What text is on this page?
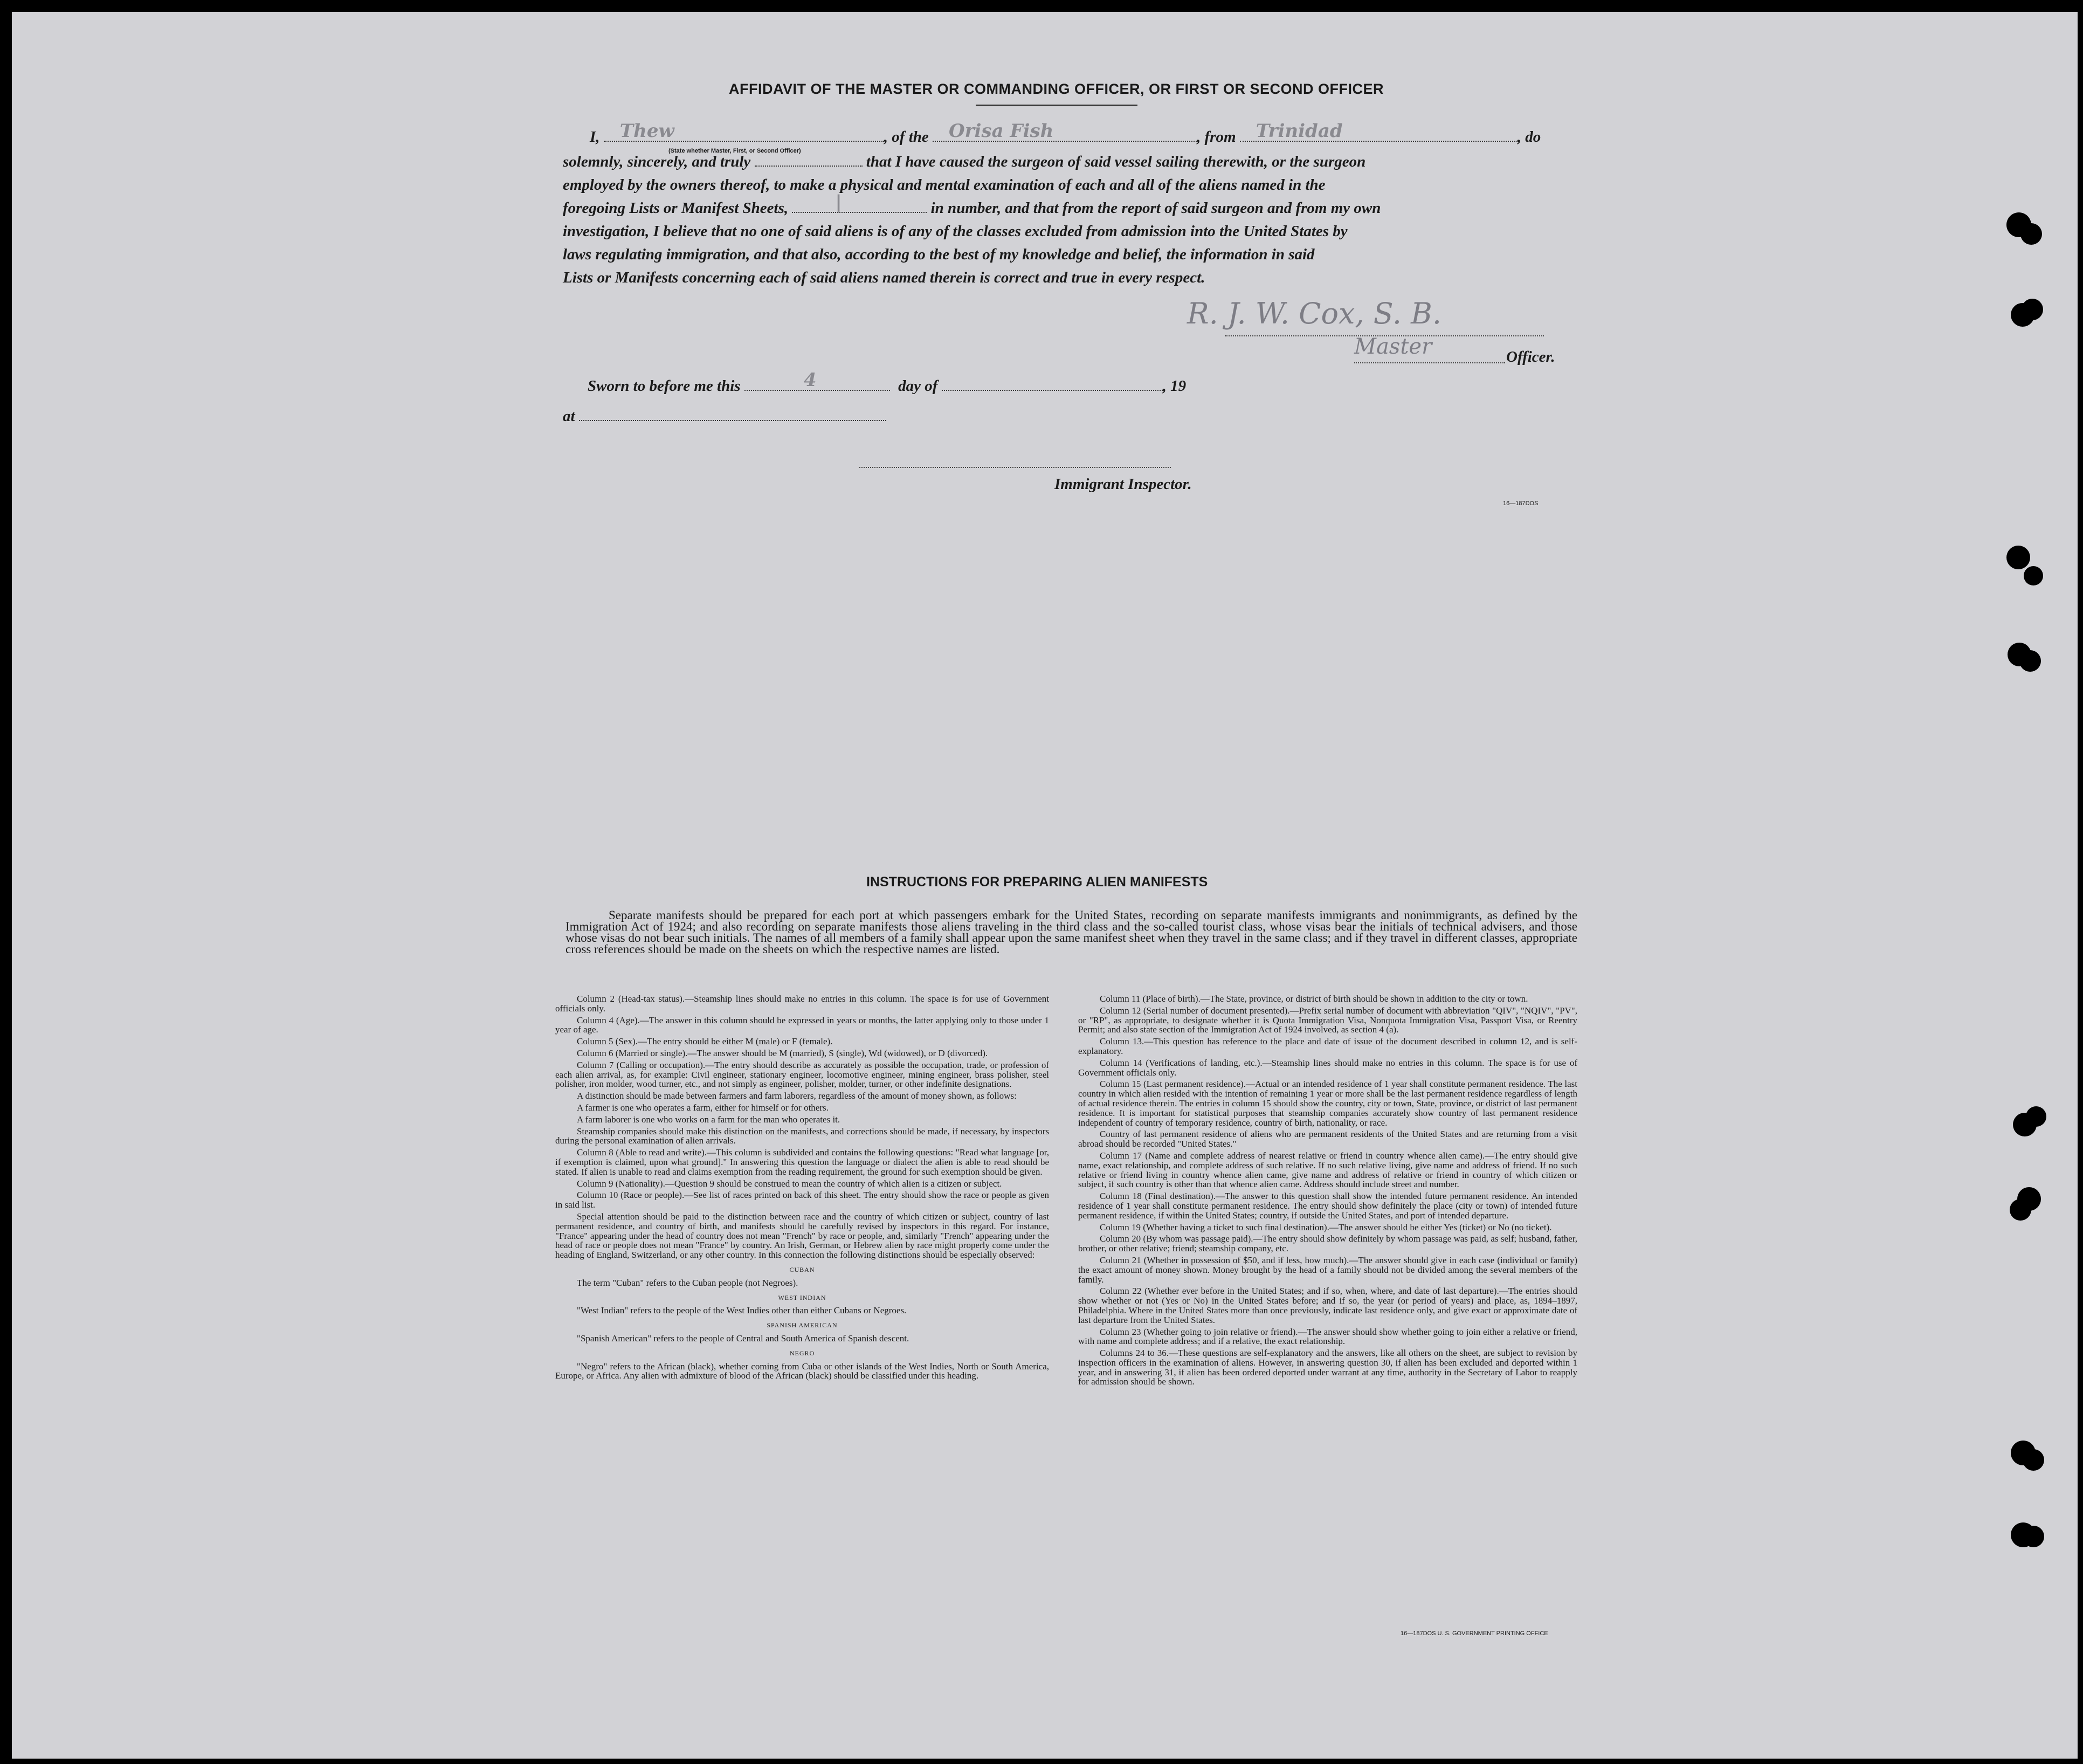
AFFIDAVIT OF THE MASTER OR COMMANDING OFFICER, OR FIRST OR SECOND OFFICER
I, Thew	, of the Orisa Fish	, from Trinidad	, do
(State whether Master, First, or Second Officer)
solemnly, sincerely, and truly	that I have caused the surgeon of said vessel sailing therewith, or the surgeon
employed by the owners thereof, to make a physical and mental examination of each and all of the aliens named in the
foregoing Lists or Manifest Sheets,	|	in number, and that from the report of said surgeon and from my own
investigation, I believe that no one of said aliens is of any of the classes excluded from admission into the United States by
laws regulating immigration, and that also, according to the best of my knowledge and belief, the information in said
Lists or Manifests concerning each of said aliens named therein is correct and true in every respect.
R. J. W. Cox, S. B.
Master	Officer.
Sworn to before me this	4	day of	, 19
at
Immigrant Inspector.
16—187DOS
INSTRUCTIONS FOR PREPARING ALIEN MANIFESTS
Separate manifests should be prepared for each port at which passengers embark for the United States, recording on separate manifests immigrants and nonimmigrants, as defined by the Immigration Act of 1924; and also recording on separate manifests those aliens traveling in the third class and the so-called tourist class, whose visas bear the initials of technical advisers, and those whose visas do not bear such initials. The names of all members of a family shall appear upon the same manifest sheet when they travel in the same class; and if they travel in different classes, appropriate cross references should be made on the sheets on which the respective names are listed.

Column 2 (Head-tax status).—Steamship lines should make no entries in this column. The space is for use of Government officials only.

Column 4 (Age).—The answer in this column should be expressed in years or months, the latter applying only to those under 1 year of age.

Column 5 (Sex).—The entry should be either M (male) or F (female).

Column 6 (Married or single).—The answer should be M (married), S (single), Wd (widowed), or D (divorced).

Column 7 (Calling or occupation).—The entry should describe as accurately as possible the occupation, trade, or profession of each alien arrival, as, for example: Civil engineer, stationary engineer, locomotive engineer, mining engineer, brass polisher, steel polisher, iron molder, wood turner, etc., and not simply as engineer, polisher, molder, turner, or other indefinite designations.

A distinction should be made between farmers and farm laborers, regardless of the amount of money shown, as follows:

A farmer is one who operates a farm, either for himself or for others.

A farm laborer is one who works on a farm for the man who operates it.

Steamship companies should make this distinction on the manifests, and corrections should be made, if necessary, by inspectors during the personal examination of alien arrivals.

Column 8 (Able to read and write).—This column is subdivided and contains the following questions: "Read what language [or, if exemption is claimed, upon what ground]." In answering this question the language or dialect the alien is able to read should be stated. If alien is unable to read and claims exemption from the reading requirement, the ground for such exemption should be given.

Column 9 (Nationality).—Question 9 should be construed to mean the country of which alien is a citizen or subject.

Column 10 (Race or people).—See list of races printed on back of this sheet. The entry should show the race or people as given in said list.

Special attention should be paid to the distinction between race and the country of which citizen or subject, country of last permanent residence, and country of birth, and manifests should be carefully revised by inspectors in this regard. For instance, "France" appearing under the head of country does not mean "French" by race or people, and, similarly "French" appearing under the head of race or people does not mean "France" by country. An Irish, German, or Hebrew alien by race might properly come under the heading of England, Switzerland, or any other country. In this connection the following distinctions should be especially observed:

CUBAN

The term "Cuban" refers to the Cuban people (not Negroes).

WEST INDIAN

"West Indian" refers to the people of the West Indies other than either Cubans or Negroes.

SPANISH AMERICAN

"Spanish American" refers to the people of Central and South America of Spanish descent.

NEGRO

"Negro" refers to the African (black), whether coming from Cuba or other islands of the West Indies, North or South America, Europe, or Africa. Any alien with admixture of blood of the African (black) should be classified under this heading.

Column 11 (Place of birth).—The State, province, or district of birth should be shown in addition to the city or town.

Column 12 (Serial number of document presented).—Prefix serial number of document with abbreviation "QIV", "NQIV", "PV", or "RP", as appropriate, to designate whether it is Quota Immigration Visa, Nonquota Immigration Visa, Passport Visa, or Reentry Permit; and also state section of the Immigration Act of 1924 involved, as section 4 (a).

Column 13.—This question has reference to the place and date of issue of the document described in column 12, and is self-explanatory.

Column 14 (Verifications of landing, etc.).—Steamship lines should make no entries in this column. The space is for use of Government officials only.

Column 15 (Last permanent residence).—Actual or an intended residence of 1 year shall constitute permanent residence. The last country in which alien resided with the intention of remaining 1 year or more shall be the last permanent residence regardless of length of actual residence therein. The entries in column 15 should show the country, city or town, State, province, or district of last permanent residence. It is important for statistical purposes that steamship companies accurately show country of last permanent residence independent of country of temporary residence, country of birth, nationality, or race.

Country of last permanent residence of aliens who are permanent residents of the United States and are returning from a visit abroad should be recorded "United States."

Column 17 (Name and complete address of nearest relative or friend in country whence alien came).—The entry should give name, exact relationship, and complete address of such relative. If no such relative living, give name and address of friend. If no such relative or friend living in country whence alien came, give name and address of relative or friend in country of which citizen or subject, if such country is other than that whence alien came. Address should include street and number.

Column 18 (Final destination).—The answer to this question shall show the intended future permanent residence. An intended residence of 1 year shall constitute permanent residence. The entry should show definitely the place (city or town) of intended future permanent residence, if within the United States; country, if outside the United States, and port of intended departure.

Column 19 (Whether having a ticket to such final destination).—The answer should be either Yes (ticket) or No (no ticket).

Column 20 (By whom was passage paid).—The entry should show definitely by whom passage was paid, as self; husband, father, brother, or other relative; friend; steamship company, etc.

Column 21 (Whether in possession of $50, and if less, how much).—The answer should give in each case (individual or family) the exact amount of money shown. Money brought by the head of a family should not be divided among the several members of the family.

Column 22 (Whether ever before in the United States; and if so, when, where, and date of last departure).—The entries should show whether or not (Yes or No) in the United States before; and if so, the year (or period of years) and place, as, 1894–1897, Philadelphia. Where in the United States more than once previously, indicate last residence only, and give exact or approximate date of last departure from the United States.

Column 23 (Whether going to join relative or friend).—The answer should show whether going to join either a relative or friend, with name and complete address; and if a relative, the exact relationship.

Columns 24 to 36.—These questions are self-explanatory and the answers, like all others on the sheet, are subject to revision by inspection officers in the examination of aliens. However, in answering question 30, if alien has been excluded and deported within 1 year, and in answering 31, if alien has been ordered deported under warrant at any time, authority in the Secretary of Labor to reapply for admission should be shown.

16—187DOS U. S. GOVERNMENT PRINTING OFFICE
